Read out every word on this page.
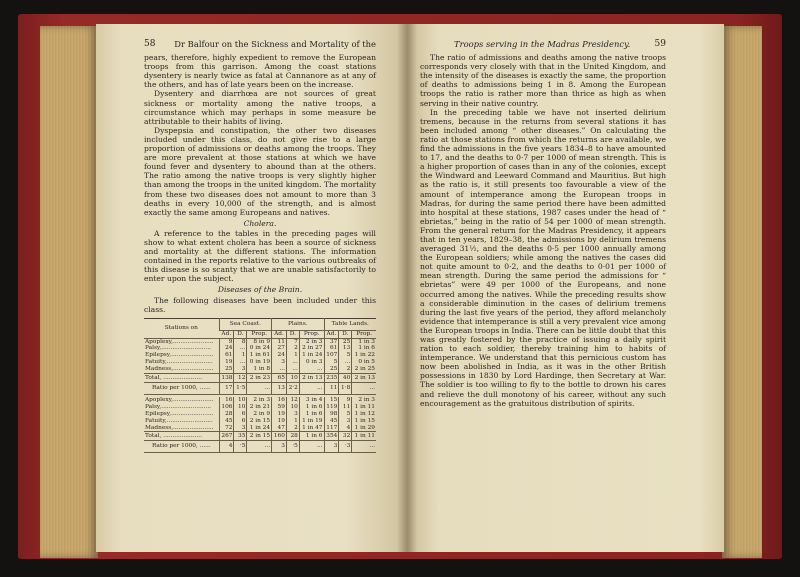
58 Dr Balfour on the Sickness and Mortality of the

pears, therefore, highly expedient to remove the European troops from this garrison. Among the coast stations dysentery is nearly twice as fatal at Cannanore as at any of the others, and has of late years been on the increase.

Dysentery and diarrhœa are not sources of great sickness or mortality among the native troops, a circumstance which may perhaps in some measure be attributable to their habits of living.

Dyspepsia and constipation, the other two diseases included under this class, do not give rise to a large proportion of admissions or deaths among the troops. They are more prevalent at those stations at which we have found fever and dysentery to abound than at the others. The ratio among the native troops is very slightly higher than among the troops in the united kingdom. The mortality from these two diseases does not amount to more than 3 deaths in every 10,000 of the strength, and is almost exactly the same among Europeans and natives.

Cholera.

A reference to the tables in the preceding pages will show to what extent cholera has been a source of sickness and mortality at the different stations. The information contained in the reports relative to the various outbreaks of this disease is so scanty that we are unable satisfactorily to enter upon the subject.

Diseases of the Brain.

The following diseases have been included under this class.

Stations on	Sea Coast.			Plains.			Table Lands.		
	Ad.	D.	Prop.	Ad.	D.	Prop.	Ad.	D.	Prop.
Apoplexy,......................	9	8	8 in 9	11	7	2 in 3	37	25	1 in 3
Palsy,...........................	24	...	0 in 24	27	2	2 in 27	61	13	1 in 6
Epilepsy,.......................	61	1	1 in 61	24	1	1 in 24	107	5	1 in 22
Fatuity,.........................	19	...	0 in 19	3	...	0 in 3	5	...	0 in 5
Madness,......................	25	3	1 in 8	...	...	...	25	2	2 in 25
Total, .....................	138	12	2 in 23	65	10	2 in 13	235	40	2 in 13
Ratio per 1000, ......	17	1·5	...	13	2·2	...	11	1·8	...

Apoplexy,......................	16	10	2 in 3	16	12	3 in 4	15	9	2 in 3
Palsy,...........................	106	10	2 in 21	59	10	1 in 6	119	11	1 in 11
Epilepsy,.......................	28	6	2 in 9	19	3	1 in 6	98	5	1 in 12
Fatuity,.........................	45	6	2 in 15	19	1	1 in 19	45	3	1 in 15
Madness,......................	72	3	1 in 24	47	2	1 in 47	117	4	1 in 29
Total, .....................	267	35	2 in 15	160	28	1 in 6	354	32	1 in 11
Ratio per 1000, ......	4	·5	...	3	·5	...	3	·3	...
Troops serving in the Madras Presidency.	59

The ratio of admissions and deaths among the native troops corresponds very closely with that in the United Kingdom, and the intensity of the diseases is exactly the same, the proportion of deaths to admissions being 1 in 8. Among the European troops the ratio is rather more than thrice as high as when serving in their native country.

In the preceding table we have not inserted delirium tremens, because in the returns from several stations it has been included among “ other diseases.” On calculating the ratio at those stations from which the returns are available, we find the admissions in the five years 1834–8 to have amounted to 17, and the deaths to 0·7 per 1000 of mean strength. This is a higher proportion of cases than in any of the colonies, except the Windward and Leeward Command and Mauritius. But high as the ratio is, it still presents too favourable a view of the amount of intemperance among the European troops in Madras, for during the same period there have been admitted into hospital at these stations, 1987 cases under the head of “ ebrietas,” being in the ratio of 54 per 1000 of mean strength. From the general return for the Madras Presidency, it appears that in ten years, 1829–38, the admissions by delirium tremens averaged 31½, and the deaths 0·5 per 1000 annually among the European soldiers; while among the natives the cases did not quite amount to 0·2, and the deaths to 0·01 per 1000 of mean strength. During the same period the admissions for “ ebrietas” were 49 per 1000 of the Europeans, and none occurred among the natives. While the preceding results show a considerable diminution in the cases of delirium tremens during the last five years of the period, they afford melancholy evidence that intemperance is still a very prevalent vice among the European troops in India. There can be little doubt that this was greatly fostered by the practice of issuing a daily spirit ration to each soldier, thereby training him to habits of intemperance. We understand that this pernicious custom has now been abolished in India, as it was in the other British possessions in 1830 by Lord Hardinge, then Secretary at War. The soldier is too willing to fly to the bottle to drown his cares and relieve the dull monotony of his career, without any such encouragement as the gratuitous distribution of spirits.
